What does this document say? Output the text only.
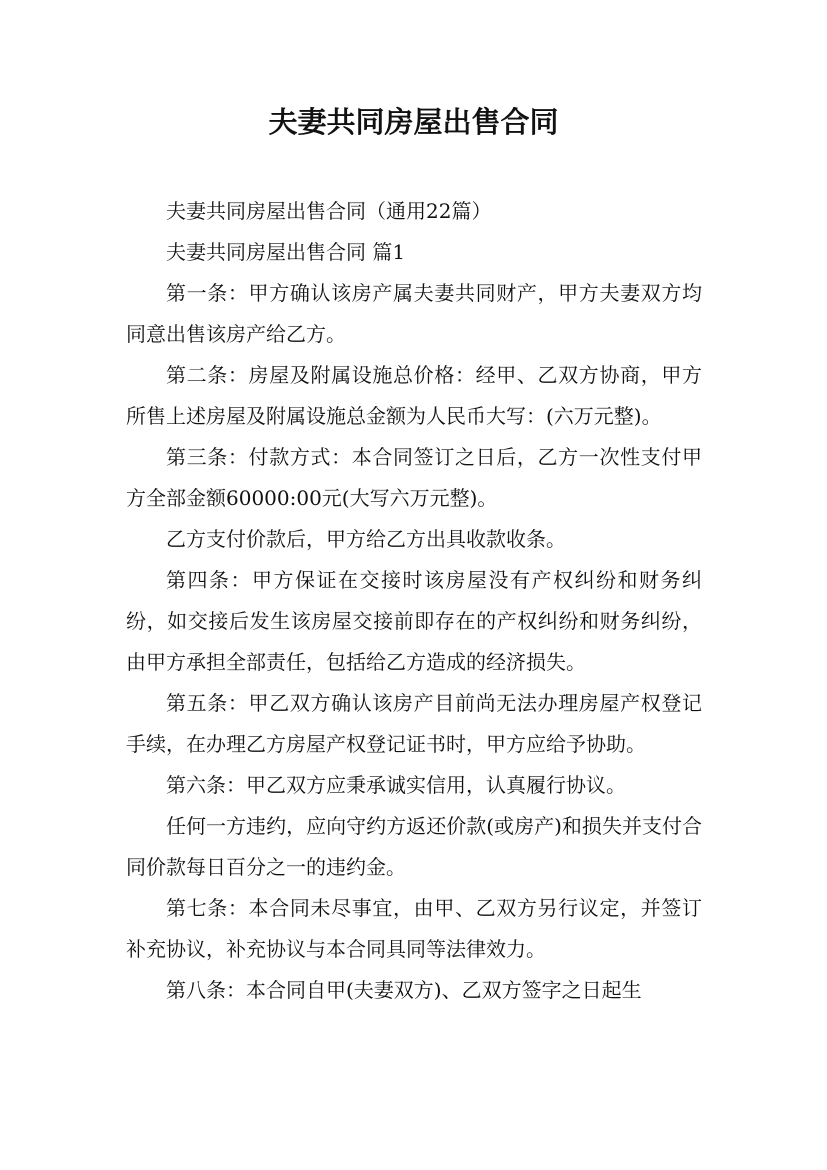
夫妻共同房屋出售合同

夫妻共同房屋出售合同（通用22篇）

夫妻共同房屋出售合同 篇1

第一条：甲方确认该房产属夫妻共同财产，甲方夫妻双方均同意出售该房产给乙方。

第二条：房屋及附属设施总价格：经甲、乙双方协商，甲方所售上述房屋及附属设施总金额为人民币大写：(六万元整)。

第三条：付款方式：本合同签订之日后，乙方一次性支付甲方全部金额60000:00元(大写六万元整)。

乙方支付价款后，甲方给乙方出具收款收条。

第四条：甲方保证在交接时该房屋没有产权纠纷和财务纠纷，如交接后发生该房屋交接前即存在的产权纠纷和财务纠纷，由甲方承担全部责任，包括给乙方造成的经济损失。

第五条：甲乙双方确认该房产目前尚无法办理房屋产权登记手续，在办理乙方房屋产权登记证书时，甲方应给予协助。

第六条：甲乙双方应秉承诚实信用，认真履行协议。

任何一方违约，应向守约方返还价款(或房产)和损失并支付合同价款每日百分之一的违约金。

第七条：本合同未尽事宜，由甲、乙双方另行议定，并签订补充协议，补充协议与本合同具同等法律效力。

第八条：本合同自甲(夫妻双方)、乙双方签字之日起生
